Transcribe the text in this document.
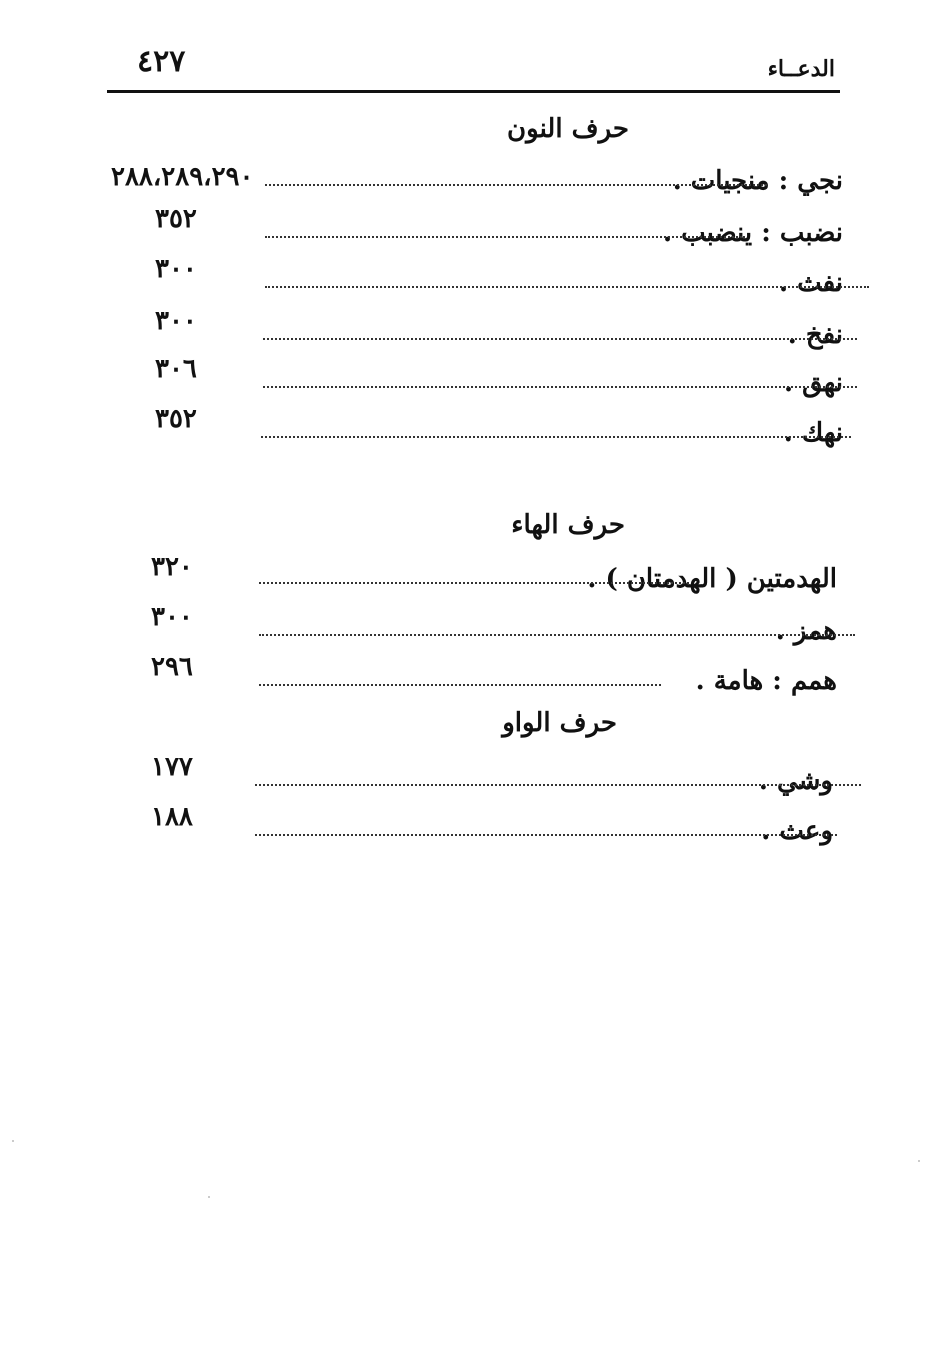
٤٢٧	الدعــاء
حرف النون
نجي : منجيات .
٢٨٨،٢٨٩،٢٩٠
نضبب : ينضبب .
٣٥٢
نفث .
٣٠٠
نفخ .
٣٠٠
نهق .
٣٠٦
نهك .
٣٥٢
حرف الهاء
الهدمتين ( الهدمتان ) .
٣٢٠
همز .
٣٠٠
همم : هامة .
٢٩٦
حرف الواو
وشي .
١٧٧
وعث .
١٨٨
